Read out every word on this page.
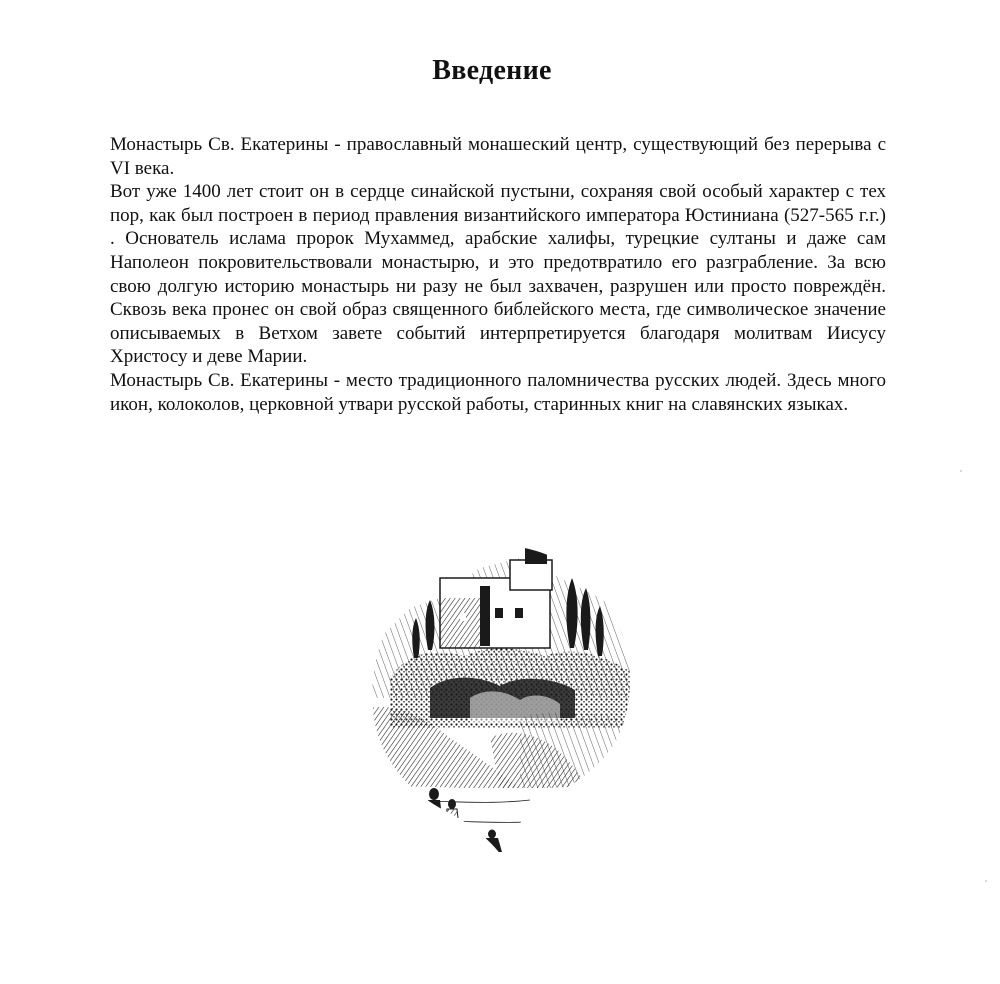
Введение

Монастырь Св. Екатерины - православный монашеский центр, существующий без перерыва с VI века.

Вот уже 1400 лет стоит он в сердце синайской пустыни, сохраняя свой особый характер с тех пор, как был построен в период правления византийского императора Юстиниана (527-565 г.г.) . Основатель ислама пророк Мухаммед, арабские халифы, турецкие султаны и даже сам Наполеон покровительствовали монастырю, и это предотвратило его разграбление. За всю свою долгую историю монастырь ни разу не был захвачен, разрушен или просто повреждён. Сквозь века пронес он свой образ священного библейского места, где символическое значение описываемых в Ветхом завете событий интерпретируется благодаря молитвам Иисусу Христосу и деве Марии.

Монастырь Св. Екатерины - место традиционного паломничества русских людей. Здесь много икон, колоколов, церковной утвари русской работы, старинных книг на славянских языках.
